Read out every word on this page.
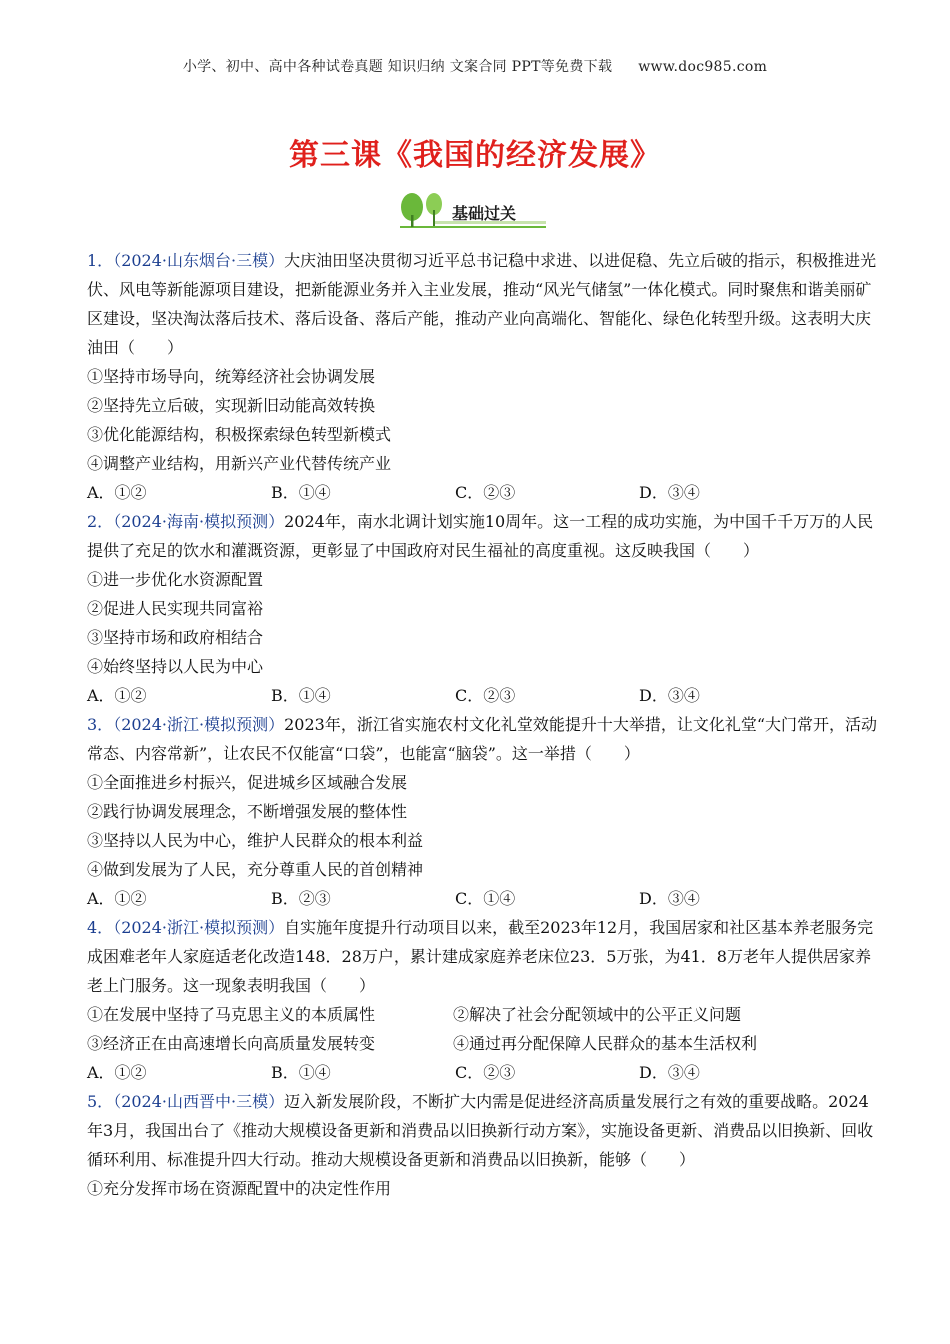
小学、初中、高中各种试卷真题 知识归纳 文案合同 PPT等免费下载 www.doc985.com
第三课《我国的经济发展》
基础过关

1．（2024·山东烟台·三模）大庆油田坚决贯彻习近平总书记稳中求进、以进促稳、先立后破的指示，积极推进光伏、风电等新能源项目建设，把新能源业务并入主业发展，推动“风光气储氢”一体化模式。同时聚焦和谐美丽矿区建设，坚决淘汰落后技术、落后设备、落后产能，推动产业向高端化、智能化、绿色化转型升级。这表明大庆油田（　　）

①坚持市场导向，统筹经济社会协调发展

②坚持先立后破，实现新旧动能高效转换

③优化能源结构，积极探索绿色转型新模式

④调整产业结构，用新兴产业代替传统产业

A．①②	B．①④	C．②③	D．③④

2．（2024·海南·模拟预测）2024年，南水北调计划实施10周年。这一工程的成功实施，为中国千千万万的人民提供了充足的饮水和灌溉资源，更彰显了中国政府对民生福祉的高度重视。这反映我国（　　）

①进一步优化水资源配置

②促进人民实现共同富裕

③坚持市场和政府相结合

④始终坚持以人民为中心

A．①②	B．①④	C．②③	D．③④

3．（2024·浙江·模拟预测）2023年，浙江省实施农村文化礼堂效能提升十大举措，让文化礼堂“大门常开，活动常态、内容常新”，让农民不仅能富“口袋”，也能富“脑袋”。这一举措（　　）

①全面推进乡村振兴，促进城乡区域融合发展

②践行协调发展理念，不断增强发展的整体性

③坚持以人民为中心，维护人民群众的根本利益

④做到发展为了人民，充分尊重人民的首创精神

A．①②	B．②③	C．①④	D．③④

4．（2024·浙江·模拟预测）自实施年度提升行动项目以来，截至2023年12月，我国居家和社区基本养老服务完成困难老年人家庭适老化改造148．28万户，累计建成家庭养老床位23．5万张，为41．8万老年人提供居家养老上门服务。这一现象表明我国（　　）

①在发展中坚持了马克思主义的本质属性	②解决了社会分配领域中的公平正义问题

③经济正在由高速增长向高质量发展转变	④通过再分配保障人民群众的基本生活权利

A．①②	B．①④	C．②③	D．③④

5．（2024·山西晋中·三模）迈入新发展阶段，不断扩大内需是促进经济高质量发展行之有效的重要战略。2024年3月，我国出台了《推动大规模设备更新和消费品以旧换新行动方案》，实施设备更新、消费品以旧换新、回收循环利用、标准提升四大行动。推动大规模设备更新和消费品以旧换新，能够（　　）

①充分发挥市场在资源配置中的决定性作用
